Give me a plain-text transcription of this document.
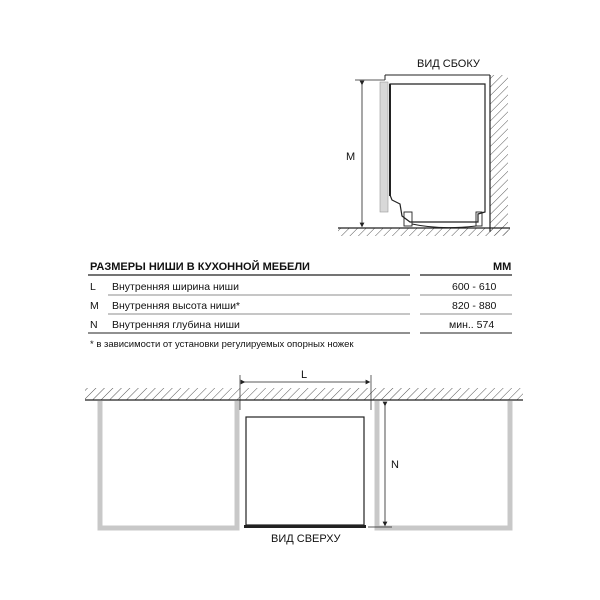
ВИД СБОКУ
M
РАЗМЕРЫ НИШИ В КУХОННОЙ МЕБЕЛИ	ММ
L Внутренняя ширина ниши	600 - 610
M Внутренняя высота ниши*	820 - 880
N Внутренняя глубина ниши	мин.. 574
* в зависимости от установки регулируемых опорных ножек
L
N
ВИД СВЕРХУ
